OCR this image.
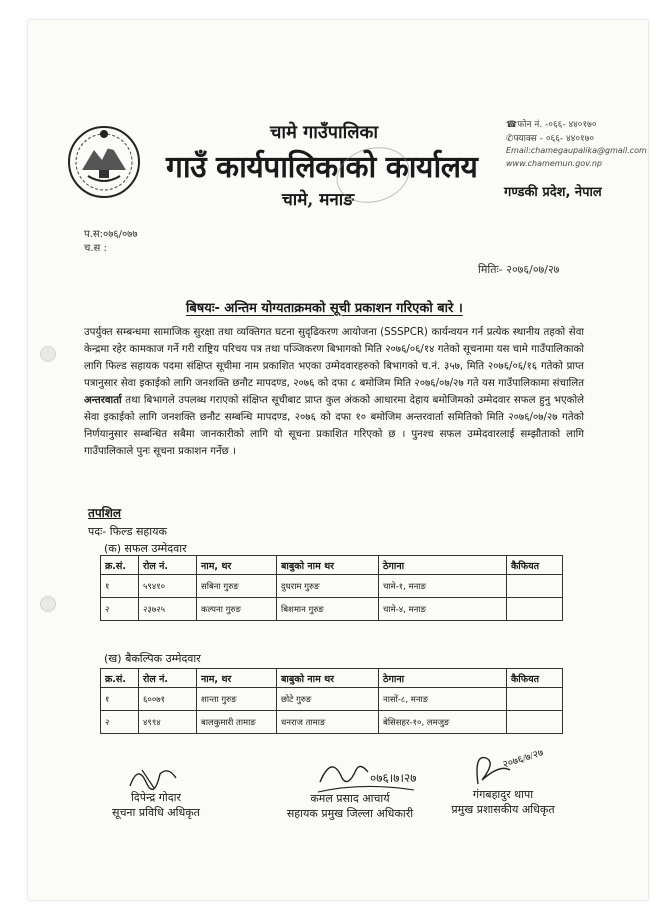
चामे गाउँपालिका
गाउँ कार्यपालिकाको कार्यालय
चामे, मनाङ
☎फोन नं. -०६६- ४४०१७०
✆फ्याक्स - ०६६- ४४०१७०
Email:chamegaupalika@gmail.com
www.chamemun.gov.np
गण्डकी प्रदेश, नेपाल
प.स:०७६/०७७
च.स :
मितिः- २०७६/०७/२७
बिषयः- अन्तिम योग्यताक्रमको सूची प्रकाशन गरिएको बारे ।
उपर्युक्त सम्बन्धमा सामाजिक सुरक्षा तथा व्यक्तिगत घटना सुदृढिकरण आयोजना (SSSPCR) कार्यन्वयन गर्न प्रत्येक स्थानीय तहको सेवा केन्द्रमा रहेर कामकाज गर्ने गरी राष्ट्रिय परिचय पत्र तथा पञ्जिकरण बिभागको मिति २०७६/०६/१४ गतेको सूचनामा यस चामे गाउँपालिकाको लागि फिल्ड सहायक पदमा संक्षिप्त सूचीमा नाम प्रकाशित भएका उम्मेदवारहरुको बिभागको च.नं. ३५७, मिति २०७६/०६/१६ गतेको प्राप्त पत्रानुसार सेवा इकाईको लागि जनशक्ति छनौट मापदण्ड, २०७६ को दफा ८ बमोजिम मिति २०७६/०७/२७ गते यस गाउँपालिकामा संचालित अन्तरवार्ता तथा बिभागले उपलब्ध गराएको संक्षिप्त सूचीबाट प्राप्त कुल अंकको आधारमा देहाय बमोजिमको उम्मेदवार सफल हुनु भएकोले सेवा इकाईको लागि जनशक्ति छनौट सम्बन्धि मापदण्ड, २०७६ को दफा १० बमोजिम अन्तरवार्ता समितिको मिति २०७६/०७/२७ गतेको निर्णयानुसार सम्बन्धित सबैमा जानकारीको लागि यो सूचना प्रकाशित गरिएको छ । पुनश्च सफल उम्मेदवारलाई सम्झौताको लागि गाउँपालिकाले पुनः सूचना प्रकाशन गर्नेछ ।
तपशिल
पदः- फिल्ड सहायक
(क) सफल उम्मेदवार
क्र.सं.	रोल नं.	नाम, थर	बाबुको नाम थर	ठेगाना	कैफियत
१	५९४१०	सबिना गुरुङ	दुधराम गुरुङ	चामे-१, मनाङ	
२	२३७२५	कल्पना गुरुङ	बिशमान गुरुङ	चामे-४, मनाङ	
(ख) बैकल्पिक उम्मेदवार
क्र.सं.	रोल नं.	नाम, थर	बाबुको नाम थर	ठेगाना	कैफियत
१	६००७१	शान्ता गुरुङ	छोटे गुरुङ	नासों-८, मनाङ	
२	४९९४	बालकुमारी तामाङ	धनराज तामाङ	बेसिसहर-१०, लमजुङ	
०७६।७।२७
२०७६/७/२७
दिपेन्द्र गोदार
सूचना प्रविधि अधिकृत
कमल प्रसाद आचार्य
सहायक प्रमुख जिल्ला अधिकारी
गंगबहादुर थापा
प्रमुख प्रशासकीय अधिकृत
